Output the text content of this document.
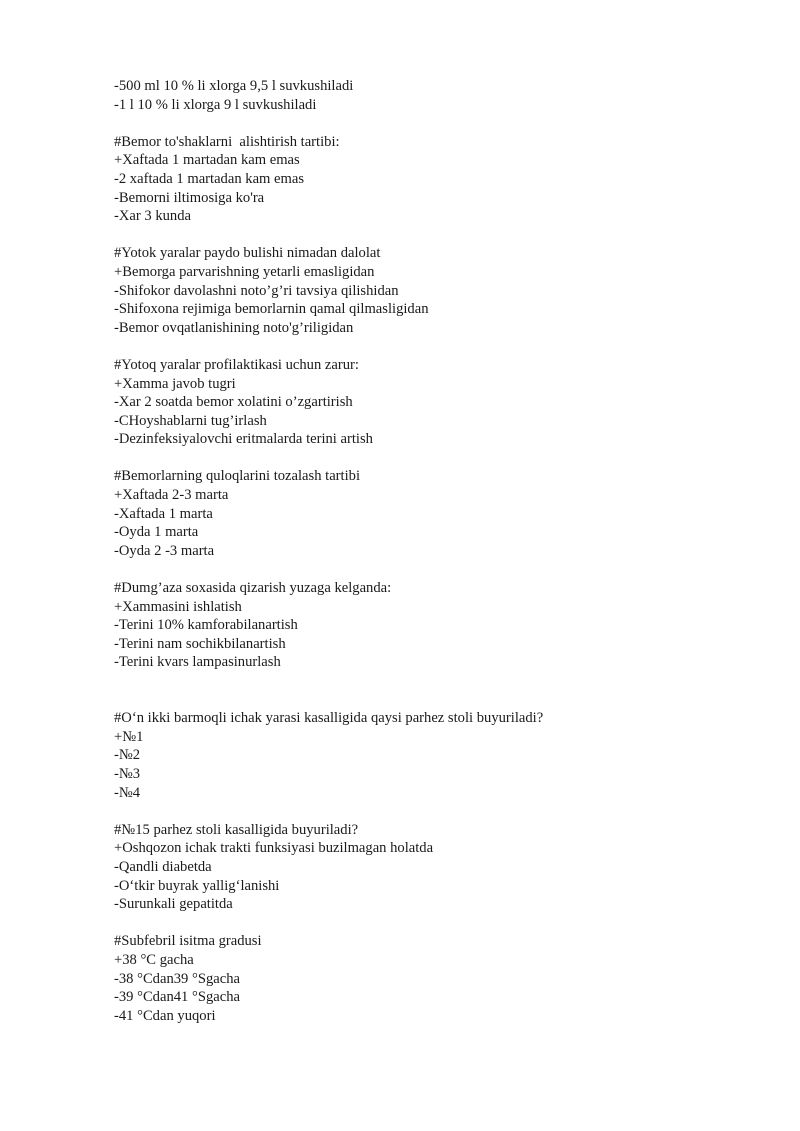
-500 ml 10 % li xlorga 9,5 l suvkushiladi
-1 l 10 % li xlorga 9 l suvkushiladi
#Bemor to'shaklarni  alishtirish tartibi:
+Xaftada 1 martadan kam emas
-2 xaftada 1 martadan kam emas
-Bemorni iltimosiga ko'ra
-Xar 3 kunda
#Yotok yaralar paydo bulishi nimadan dalolat
+Bemorga parvarishning yetarli emasligidan
-Shifokor davolashni noto’g’ri tavsiya qilishidan
-Shifoxona rejimiga bemorlarnin qamal qilmasligidan
-Bemor ovqatlanishining noto'g’riligidan
#Yotoq yaralar profilaktikasi uchun zarur:
+Xamma javob tugri
-Xar 2 soatda bemor xolatini o’zgartirish
-CHoyshablarni tug’irlash
-Dezinfeksiyalovchi eritmalarda terini artish
#Bemorlarning quloqlarini tozalash tartibi
+Xaftada 2-3 marta
-Xaftada 1 marta
-Oyda 1 marta
-Oyda 2 -3 marta
#Dumg’aza soxasida qizarish yuzaga kelganda:
+Xammasini ishlatish
-Terini 10% kamforabilanartish
-Terini nam sochikbilanartish
-Terini kvars lampasinurlash
#O‘n ikki barmoqli ichak yarasi kasalligida qaysi parhez stoli buyuriladi?
+№1
-№2
-№3
-№4
#№15 parhez stoli kasalligida buyuriladi?
+Oshqozon ichak trakti funksiyasi buzilmagan holatda
-Qandli diabetda
-O‘tkir buyrak yallig‘lanishi
-Surunkali gepatitda
#Subfebril isitma gradusi
+38 °C gacha
-38 °Cdan39 °Sgacha
-39 °Cdan41 °Sgacha
-41 °Cdan yuqori
